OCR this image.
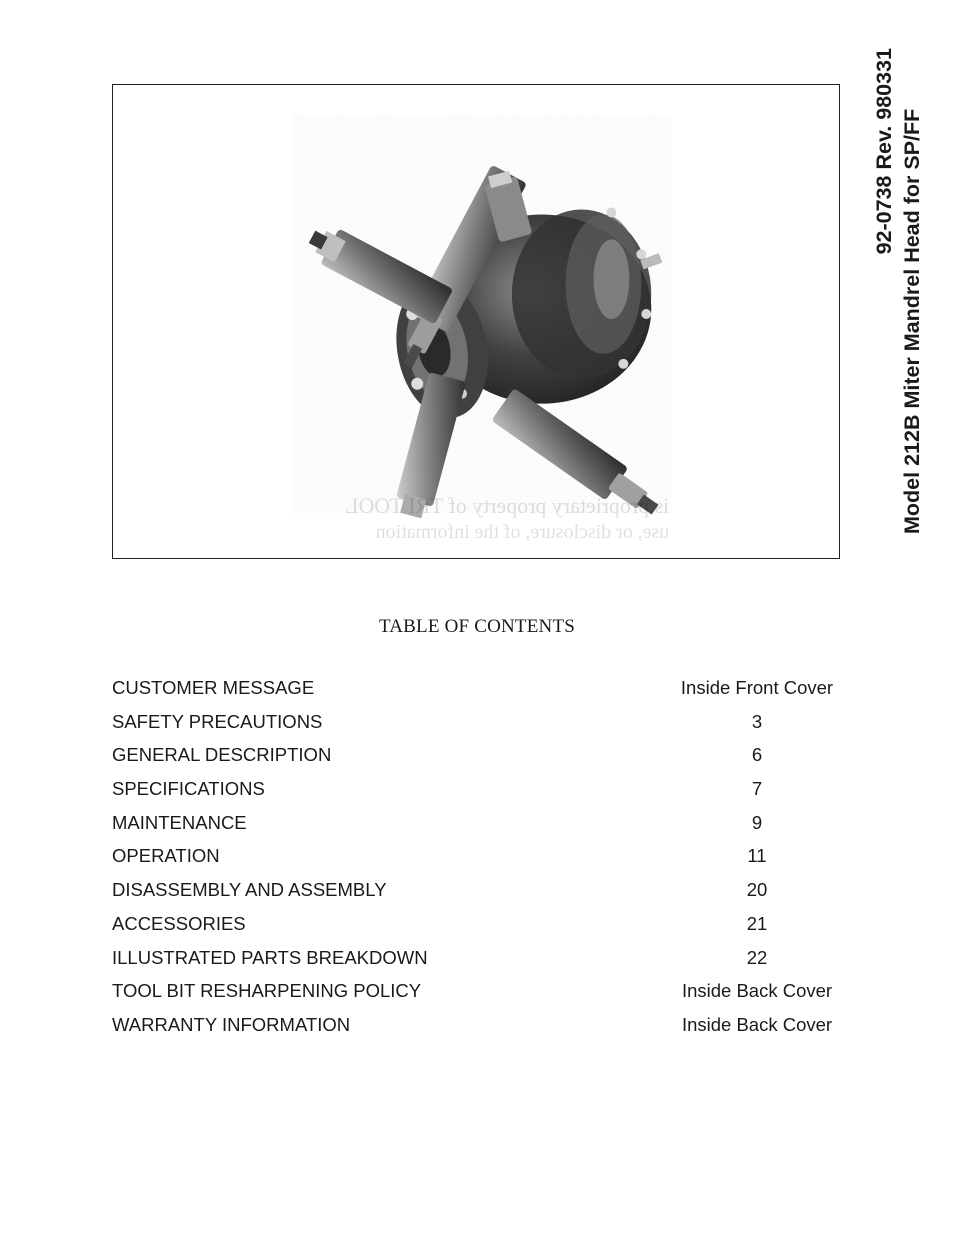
is proprietary property of TRI TOOL
use, or disclosure, of the information
92-0738 Rev. 980331 Model 212B Miter Mandrel Head for SP/FF
TABLE OF CONTENTS
CUSTOMER MESSAGE	Inside Front Cover
SAFETY PRECAUTIONS	3
GENERAL DESCRIPTION	6
SPECIFICATIONS	7
MAINTENANCE	9
OPERATION	11
DISASSEMBLY AND ASSEMBLY	20
ACCESSORIES	21
ILLUSTRATED PARTS BREAKDOWN	22
TOOL BIT RESHARPENING POLICY	Inside Back Cover
WARRANTY INFORMATION	Inside Back Cover
